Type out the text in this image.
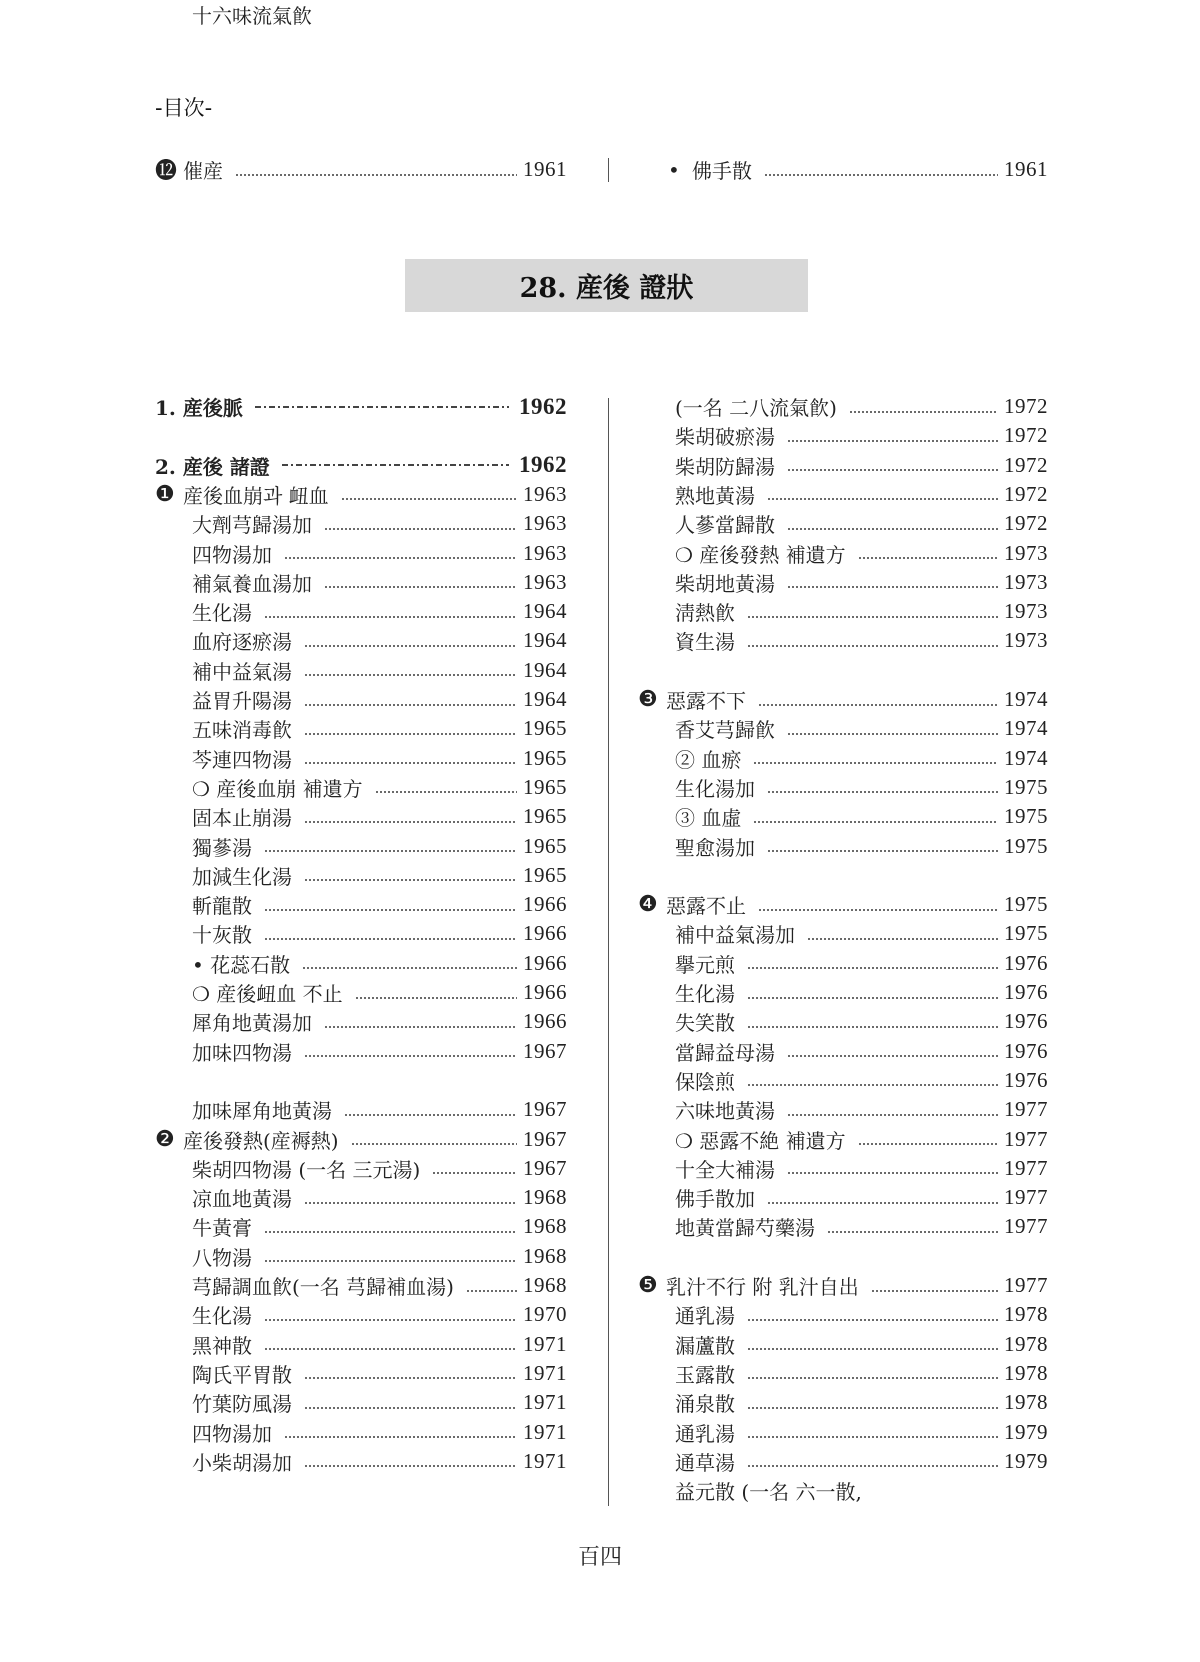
-目次-
⓬ 催産	1961	• 佛手散	1961
28. 産後 證狀
1. 産後脈	1962
2. 産後 諸證	1962
❶ 産後血崩과 衄血	1963
大劑芎歸湯加	1963
四物湯加	1963
補氣養血湯加	1963
生化湯	1964
血府逐瘀湯	1964
補中益氣湯	1964
益胃升陽湯	1964
五味消毒飮	1965
芩連四物湯	1965
❍ 産後血崩 補遺方	1965
固本止崩湯	1965
獨蔘湯	1965
加減生化湯	1965
斬龍散	1966
十灰散	1966
• 花蕊石散	1966
❍ 産後衄血 不止	1966
犀角地黃湯加	1966
加味四物湯	1967
加味犀角地黃湯	1967
❷ 産後發熱(産褥熱)	1967
柴胡四物湯 (一名 三元湯)	1967
凉血地黃湯	1968
牛黃膏	1968
八物湯	1968
芎歸調血飮(一名 芎歸補血湯)	1968
生化湯	1970
黑神散	1971
陶氏平胃散	1971
竹葉防風湯	1971
四物湯加	1971
小柴胡湯加	1971
十六味流氣飮
(一名 二八流氣飮)	1972
柴胡破瘀湯	1972
柴胡防歸湯	1972
熟地黃湯	1972
人蔘當歸散	1972
❍ 産後發熱 補遺方	1973
柴胡地黃湯	1973
淸熱飮	1973
資生湯	1973
❸ 惡露不下	1974
香艾芎歸飮	1974
② 血瘀	1974
生化湯加	1975
③ 血虛	1975
聖愈湯加	1975
❹ 惡露不止	1975
補中益氣湯加	1975
擧元煎	1976
生化湯	1976
失笑散	1976
當歸益母湯	1976
保陰煎	1976
六味地黃湯	1977
❍ 惡露不絶 補遺方	1977
十全大補湯	1977
佛手散加	1977
地黃當歸芍藥湯	1977
❺ 乳汁不行 附 乳汁自出	1977
通乳湯	1978
漏蘆散	1978
玉露散	1978
涌泉散	1978
通乳湯	1979
通草湯	1979
益元散 (一名 六一散,
百四
